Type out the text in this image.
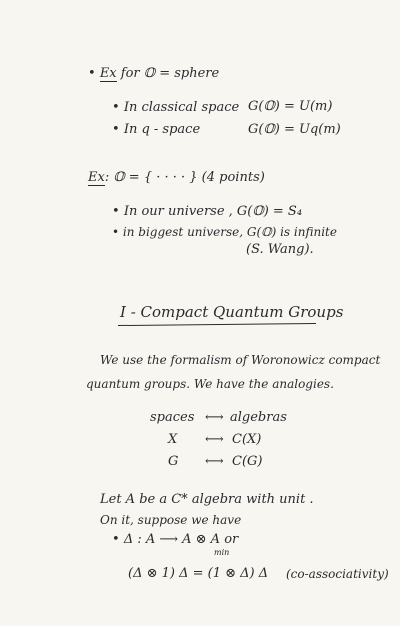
• Ex for 𝕆 = sphere
• In classical space G(𝕆) = U(m)
• In q - space	G(𝕆) = Uq(m)
Ex: 𝕆 = { · · · · } (4 points)
• In our universe , G(𝕆) = S₄
• in biggest universe, G(𝕆) is infinite
(S. Wang).
I - Compact Quantum Groups
We use the formalism of Woronowicz compact
quantum groups. We have the analogies.
spaces ⟷ algebras
X ⟷ C(X)
G ⟷ C(G)
Let A be a C* algebra with unit .
On it, suppose we have
• Δ : A ⟶ A ⊗ A or
min
(Δ ⊗ 1) Δ = (1 ⊗ Δ) Δ (co-associativity)
